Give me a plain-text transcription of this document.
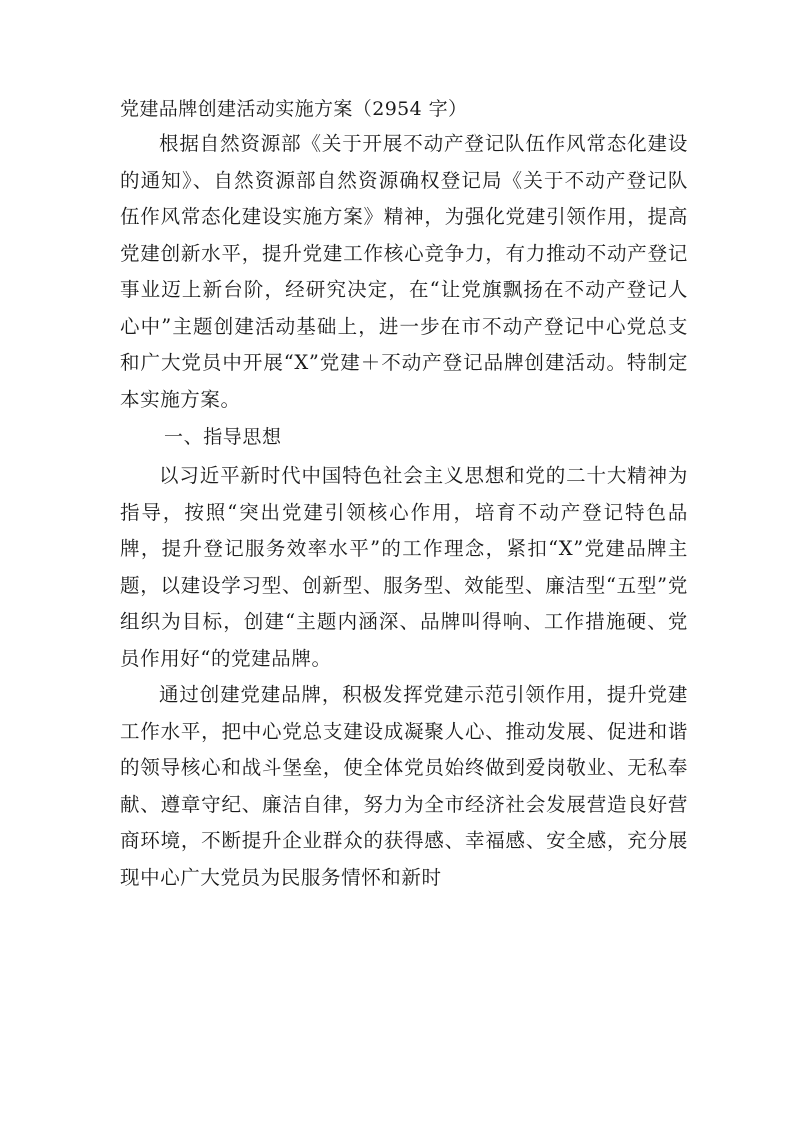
党建品牌创建活动实施方案（2954 字）

根据自然资源部《关于开展不动产登记队伍作风常态化建设的通知》、自然资源部自然资源确权登记局《关于不动产登记队伍作风常态化建设实施方案》精神，为强化党建引领作用，提高党建创新水平，提升党建工作核心竞争力，有力推动不动产登记事业迈上新台阶，经研究决定，在“让党旗飘扬在不动产登记人心中”主题创建活动基础上，进一步在市不动产登记中心党总支和广大党员中开展“X”党建＋不动产登记品牌创建活动。特制定本实施方案。

一、指导思想

以习近平新时代中国特色社会主义思想和党的二十大精神为指导，按照“突出党建引领核心作用，培育不动产登记特色品牌，提升登记服务效率水平”的工作理念，紧扣“X”党建品牌主题，以建设学习型、创新型、服务型、效能型、廉洁型“五型”党组织为目标，创建“主题内涵深、品牌叫得响、工作措施硬、党员作用好“的党建品牌。

通过创建党建品牌，积极发挥党建示范引领作用，提升党建工作水平，把中心党总支建设成凝聚人心、推动发展、促进和谐的领导核心和战斗堡垒，使全体党员始终做到爱岗敬业、无私奉献、遵章守纪、廉洁自律，努力为全市经济社会发展营造良好营商环境，不断提升企业群众的获得感、幸福感、安全感，充分展现中心广大党员为民服务情怀和新时
